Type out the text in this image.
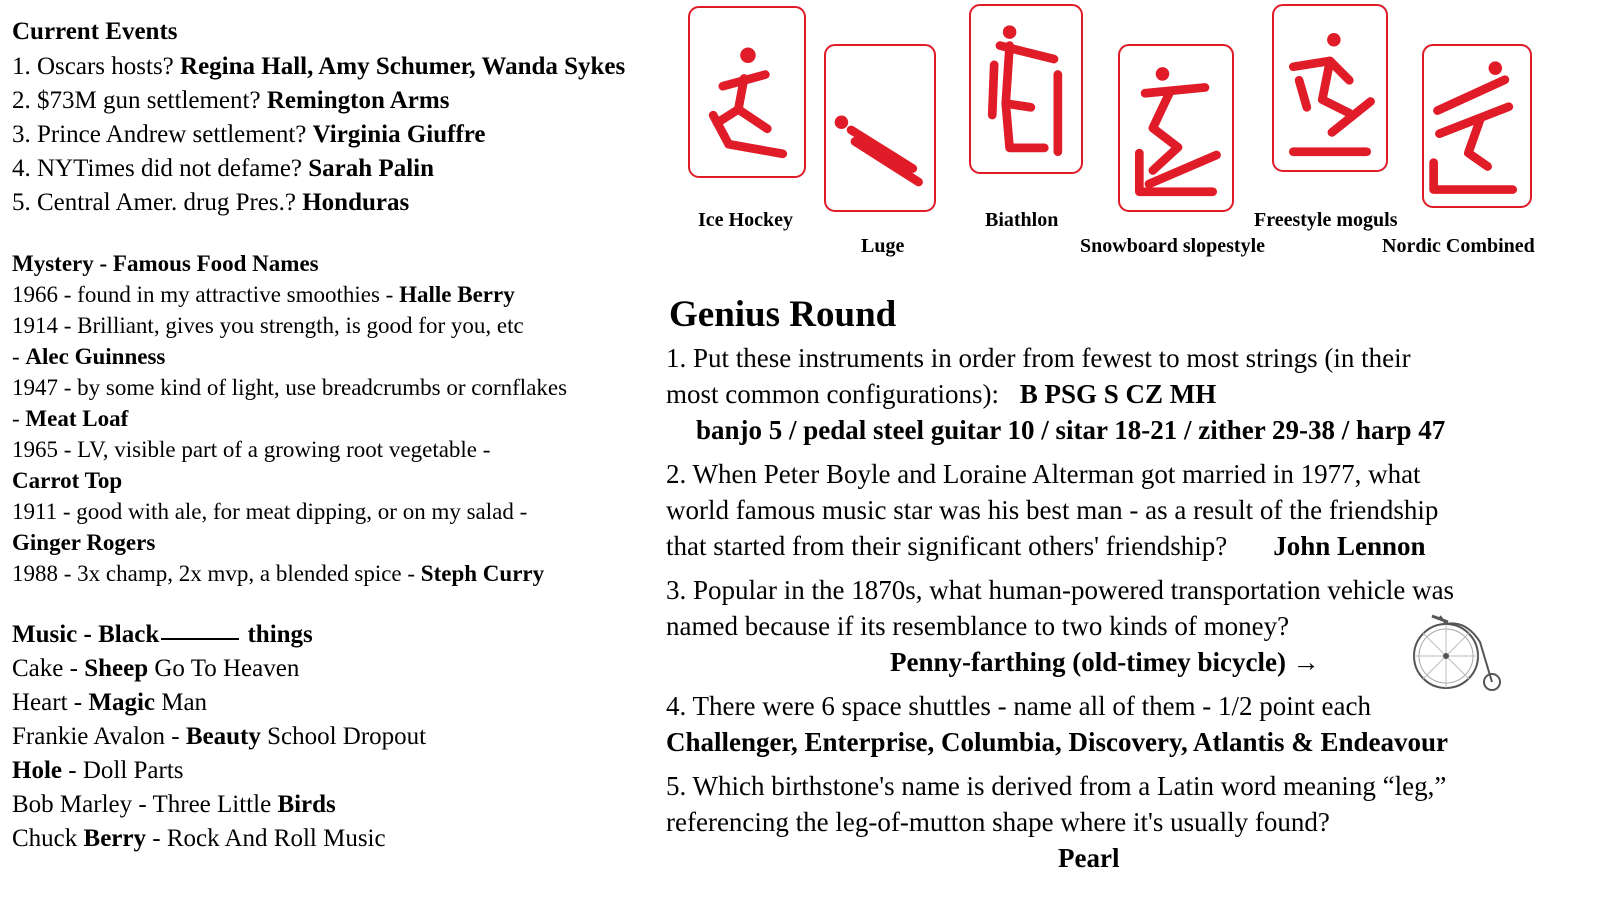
Current Events
1. Oscars hosts? Regina Hall, Amy Schumer, Wanda Sykes
2. $73M gun settlement? Remington Arms
3. Prince Andrew settlement? Virginia Giuffre
4. NYTimes did not defame? Sarah Palin
5. Central Amer. drug Pres.? Honduras
Mystery - Famous Food Names
1966 - found in my attractive smoothies - Halle Berry
1914 - Brilliant, gives you strength, is good for you, etc
- Alec Guinness
1947 - by some kind of light, use breadcrumbs or cornflakes
- Meat Loaf
1965 - LV, visible part of a growing root vegetable -
Carrot Top
1911 - good with ale, for meat dipping, or on my salad -
Ginger Rogers
1988 - 3x champ, 2x mvp, a blended spice - Steph Curry
Music - Black	things
Cake - Sheep Go To Heaven
Heart - Magic Man
Frankie Avalon - Beauty School Dropout
Hole - Doll Parts
Bob Marley - Three Little Birds
Chuck Berry - Rock And Roll Music
Ice Hockey
Luge
Biathlon
Snowboard slopestyle
Freestyle moguls
Nordic Combined
Genius Round
1. Put these instruments in order from fewest to most strings (in their
most common configurations): B PSG S CZ MH
banjo 5 / pedal steel guitar 10 / sitar 18-21 / zither 29-38 / harp 47
2. When Peter Boyle and Loraine Alterman got married in 1977, what
world famous music star was his best man - as a result of the friendship
that started from their significant others' friendship? John Lennon
3. Popular in the 1870s, what human-powered transportation vehicle was
named because if its resemblance to two kinds of money?
Penny-farthing (old-timey bicycle) →
4. There were 6 space shuttles - name all of them - 1/2 point each
Challenger, Enterprise, Columbia, Discovery, Atlantis & Endeavour
5. Which birthstone's name is derived from a Latin word meaning “leg,”
referencing the leg-of-mutton shape where it's usually found?
Pearl
